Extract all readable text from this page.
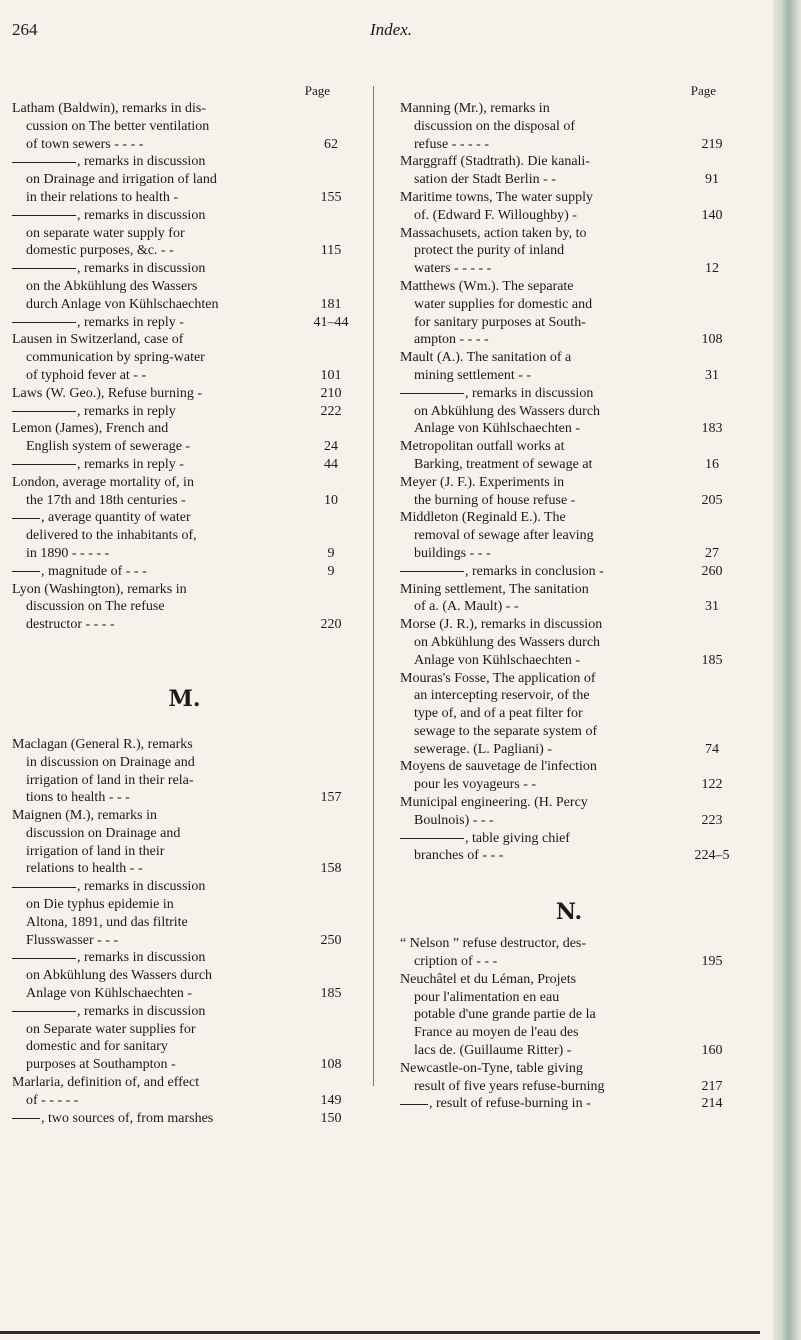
264	Index.
Page
Latham (Baldwin), remarks in dis-
cussion on The better ventilation
of town sewers - - - -	62
, remarks in discussion
on Drainage and irrigation of land
in their relations to health -	155
, remarks in discussion
on separate water supply for
domestic purposes, &c. - -	115
, remarks in discussion
on the Abkühlung des Wassers
durch Anlage von Kühlschaechten	181
, remarks in reply -	41–44
Lausen in Switzerland, case of
communication by spring-water
of typhoid fever at - -	101
Laws (W. Geo.), Refuse burning -	210
, remarks in reply	222
Lemon (James), French and
English system of sewerage -	24
, remarks in reply -	44
London, average mortality of, in
the 17th and 18th centuries -	10
, average quantity of water
delivered to the inhabitants of,
in 1890 - - - - -	9
, magnitude of - - -	9
Lyon (Washington), remarks in
discussion on The refuse
destructor - - - -	220
M.
Maclagan (General R.), remarks
in discussion on Drainage and
irrigation of land in their rela-
tions to health - - -	157
Maignen (M.), remarks in
discussion on Drainage and
irrigation of land in their
relations to health - -	158
, remarks in discussion
on Die typhus epidemie in
Altona, 1891, und das filtrite
Flusswasser - - -	250
, remarks in discussion
on Abkühlung des Wassers durch
Anlage von Kühlschaechten -	185
, remarks in discussion
on Separate water supplies for
domestic and for sanitary
purposes at Southampton -	108
Marlaria, definition of, and effect
of - - - - -	149
, two sources of, from marshes	150
Page
Manning (Mr.), remarks in
discussion on the disposal of
refuse - - - - -	219
Marggraff (Stadtrath). Die kanali-
sation der Stadt Berlin - -	91
Maritime towns, The water supply
of. (Edward F. Willoughby) -	140
Massachusets, action taken by, to
protect the purity of inland
waters - - - - -	12
Matthews (Wm.). The separate
water supplies for domestic and
for sanitary purposes at South-
ampton - - - -	108
Mault (A.). The sanitation of a
mining settlement - -	31
, remarks in discussion
on Abkühlung des Wassers durch
Anlage von Kühlschaechten -	183
Metropolitan outfall works at
Barking, treatment of sewage at	16
Meyer (J. F.). Experiments in
the burning of house refuse -	205
Middleton (Reginald E.). The
removal of sewage after leaving
buildings - - -	27
, remarks in conclusion -	260
Mining settlement, The sanitation
of a. (A. Mault) - -	31
Morse (J. R.), remarks in discussion
on Abkühlung des Wassers durch
Anlage von Kühlschaechten -	185
Mouras's Fosse, The application of
an intercepting reservoir, of the
type of, and of a peat filter for
sewage to the separate system of
sewerage. (L. Pagliani) -	74
Moyens de sauvetage de l'infection
pour les voyageurs - -	122
Municipal engineering. (H. Percy
Boulnois) - - -	223
, table giving chief
branches of - - -	224–5
N.
“ Nelson ” refuse destructor, des-
cription of - - -	195
Neuchâtel et du Léman, Projets
pour l'alimentation en eau
potable d'une grande partie de la
France au moyen de l'eau des
lacs de. (Guillaume Ritter) -	160
Newcastle-on-Tyne, table giving
result of five years refuse-burning	217
, result of refuse-burning in -	214
